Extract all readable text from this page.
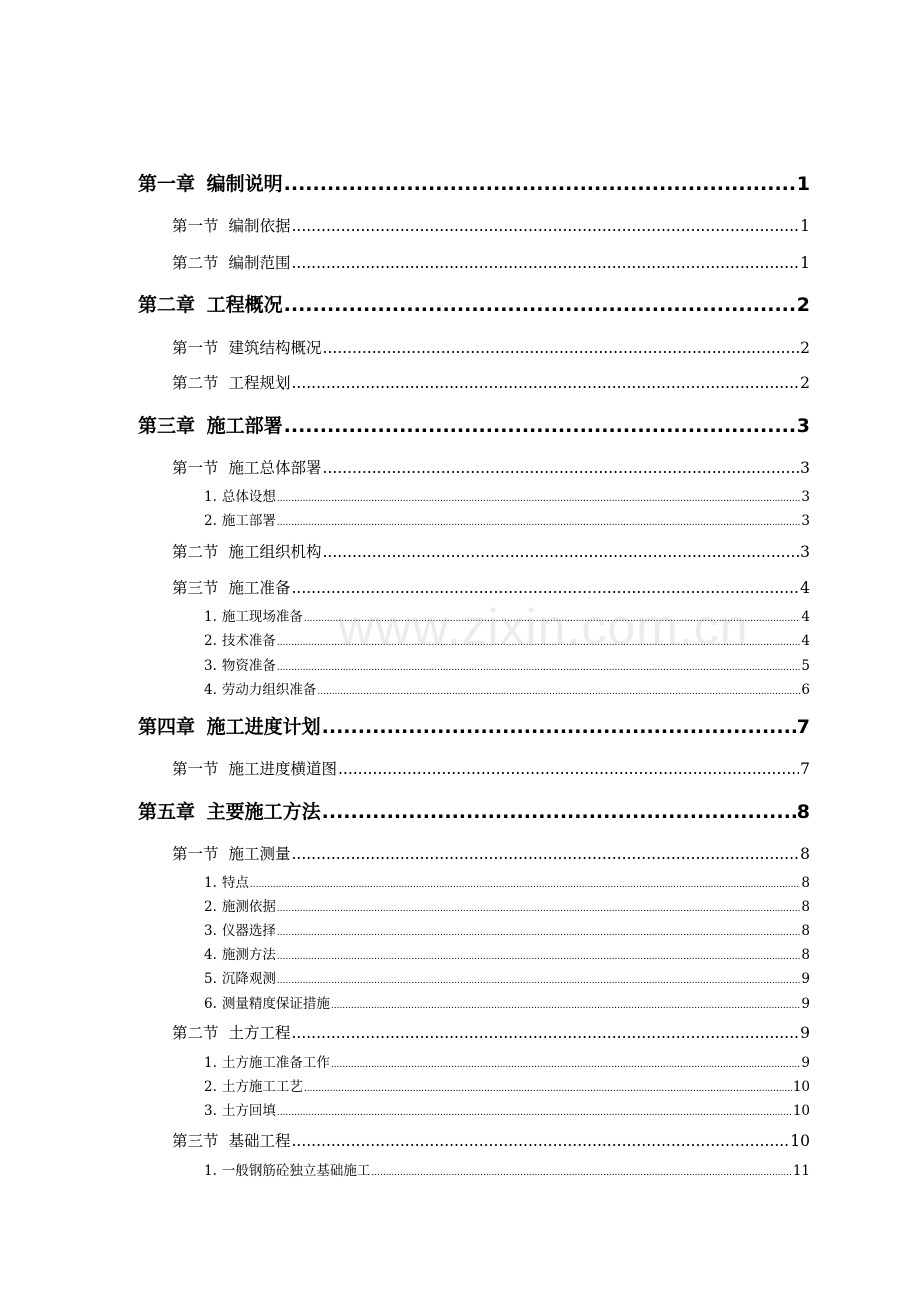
第一章 编制说明 .....	1
第一节 编制依据 .....	1
第二节 编制范围 .....	1
第二章 工程概况 .....	2
第一节 建筑结构概况 .....	2
第二节 工程规划 .....	2
第三章 施工部署 .....	3
第一节 施工总体部署 .....	3
1. 总体设想 .....	3
2. 施工部署 .....	3
第二节 施工组织机构 .....	3
第三节 施工准备 .....	4
1. 施工现场准备 .....	4
2. 技术准备 .....	4
3. 物资准备 .....	5
4. 劳动力组织准备 .....	6
第四章 施工进度计划 .....	7
第一节 施工进度横道图 .....	7
第五章 主要施工方法 .....	8
第一节 施工测量 .....	8
1. 特点 .....	8
2. 施测依据 .....	8
3. 仪器选择 .....	8
4. 施测方法 .....	8
5. 沉降观测 .....	9
6. 测量精度保证措施 .....	9
第二节 土方工程 .....	9
1. 土方施工准备工作 .....	9
2. 土方施工工艺 .....	10
3. 土方回填 .....	10
第三节 基础工程 .....	10
1. 一般钢筋砼独立基础施工 .....	11
www.zixin.com.cn
